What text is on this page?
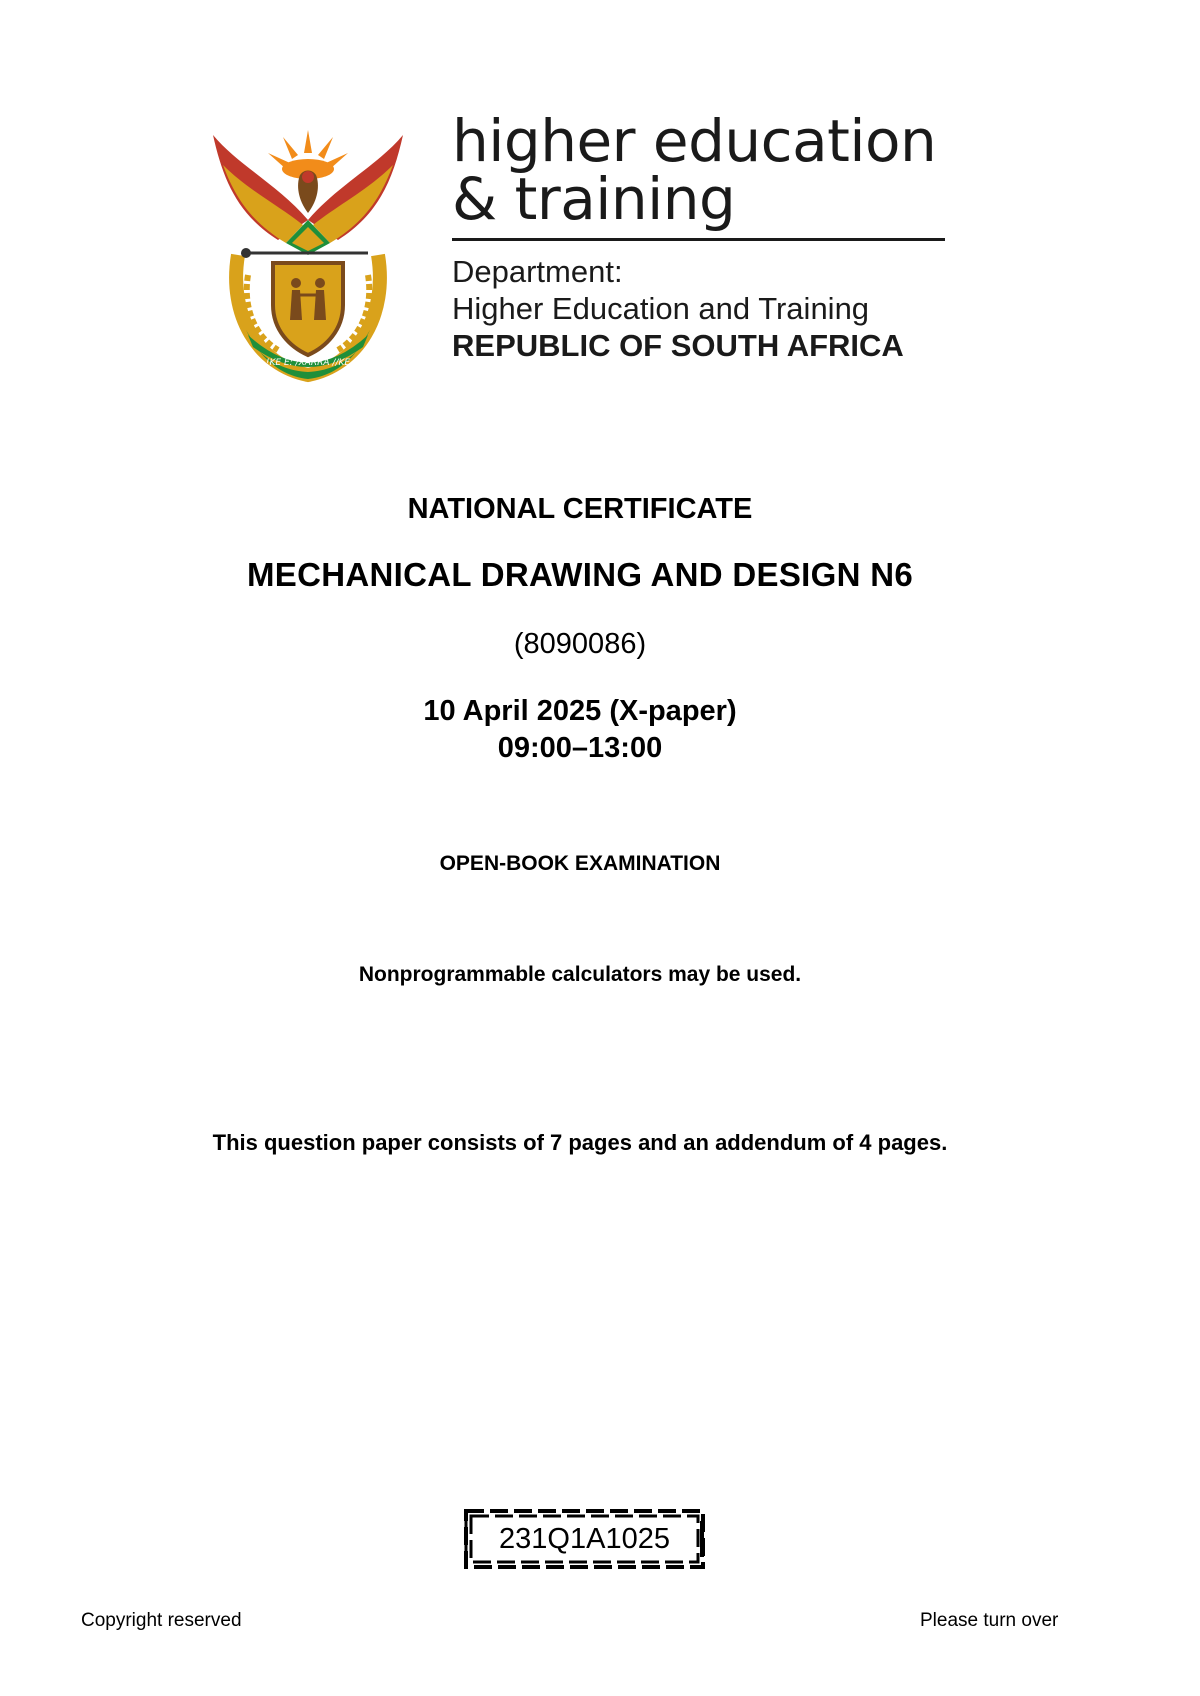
!KE E: /XARRA //KE
higher education
& training
Department:
Higher Education and Training
REPUBLIC OF SOUTH AFRICA
NATIONAL CERTIFICATE
MECHANICAL DRAWING AND DESIGN N6
(8090086)
10 April 2025 (X-paper)
09:00–13:00
OPEN-BOOK EXAMINATION
Nonprogrammable calculators may be used.
This question paper consists of 7 pages and an addendum of 4 pages.
231Q1A1025
Copyright reserved	Please turn over
